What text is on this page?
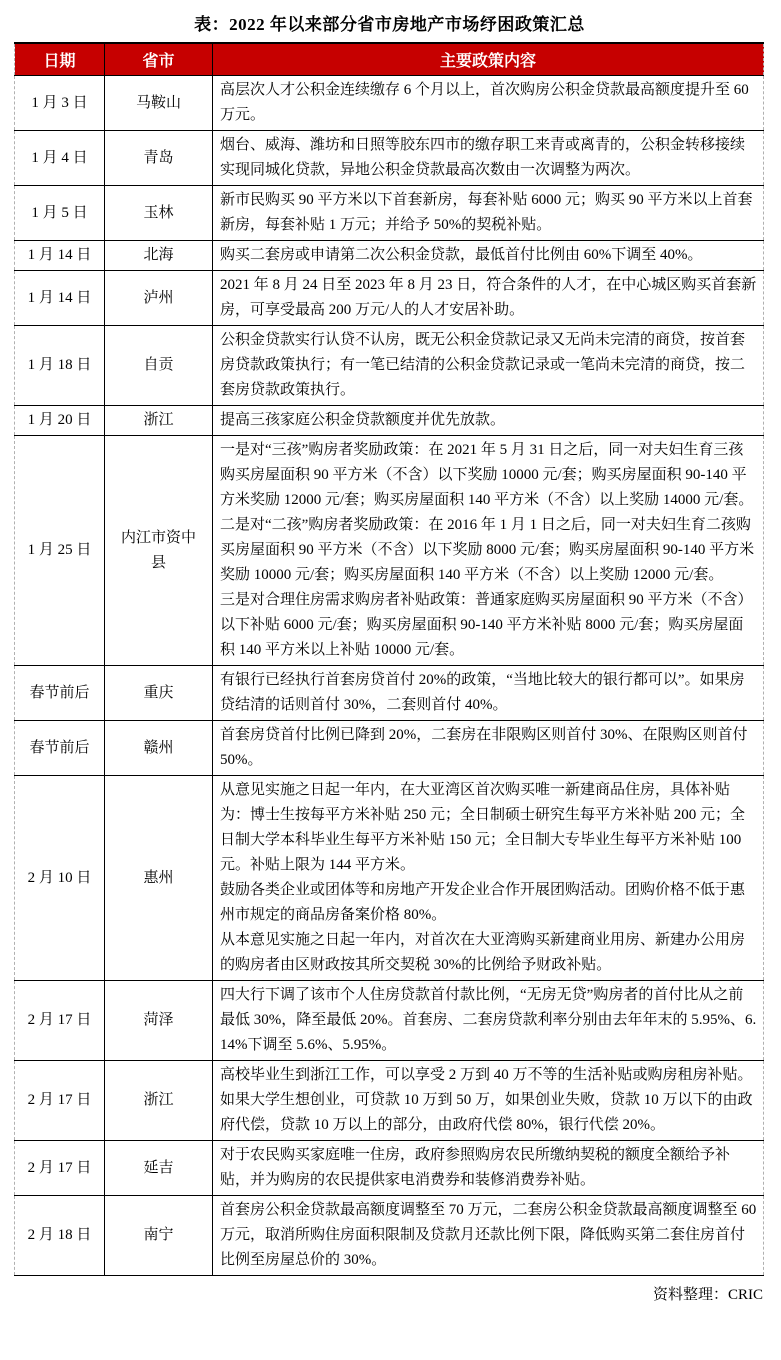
表：2022 年以来部分省市房地产市场纾困政策汇总
日期	省市	主要政策内容
1 月 3 日	马鞍山	高层次人才公积金连续缴存 6 个月以上，首次购房公积金贷款最高额度提升至 60 万元。

1 月 4 日	青岛	烟台、威海、潍坊和日照等胶东四市的缴存职工来青或离青的，公积金转移接续实现同城化贷款，异地公积金贷款最高次数由一次调整为两次。

1 月 5 日	玉林	新市民购买 90 平方米以下首套新房，每套补贴 6000 元；购买 90 平方米以上首套新房，每套补贴 1 万元；并给予 50%的契税补贴。

1 月 14 日	北海	购买二套房或申请第二次公积金贷款，最低首付比例由 60%下调至 40%。

1 月 14 日	泸州	2021 年 8 月 24 日至 2023 年 8 月 23 日，符合条件的人才，在中心城区购买首套新房，可享受最高 200 万元/人的人才安居补助。

1 月 18 日	自贡	公积金贷款实行认贷不认房，既无公积金贷款记录又无尚未完清的商贷，按首套房贷款政策执行；有一笔已结清的公积金贷款记录或一笔尚未完清的商贷，按二套房贷款政策执行。

1 月 20 日	浙江	提高三孩家庭公积金贷款额度并优先放款。

1 月 25 日	内江市资中县	一是对“三孩”购房者奖励政策：在 2021 年 5 月 31 日之后，同一对夫妇生育三孩购买房屋面积 90 平方米（不含）以下奖励 10000 元/套；购买房屋面积 90-140 平方米奖励 12000 元/套；购买房屋面积 140 平方米（不含）以上奖励 14000 元/套。
二是对“二孩”购房者奖励政策：在 2016 年 1 月 1 日之后，同一对夫妇生育二孩购买房屋面积 90 平方米（不含）以下奖励 8000 元/套；购买房屋面积 90-140 平方米奖励 10000 元/套；购买房屋面积 140 平方米（不含）以上奖励 12000 元/套。
三是对合理住房需求购房者补贴政策：普通家庭购买房屋面积 90 平方米（不含）以下补贴 6000 元/套；购买房屋面积 90-140 平方米补贴 8000 元/套；购买房屋面积 140 平方米以上补贴 10000 元/套。

春节前后	重庆	有银行已经执行首套房贷首付 20%的政策，“当地比较大的银行都可以”。如果房贷结清的话则首付 30%，二套则首付 40%。

春节前后	赣州	首套房贷首付比例已降到 20%，二套房在非限购区则首付 30%、在限购区则首付 50%。

2 月 10 日	惠州	从意见实施之日起一年内，在大亚湾区首次购买唯一新建商品住房，具体补贴为：博士生按每平方米补贴 250 元；全日制硕士研究生每平方米补贴 200 元；全日制大学本科毕业生每平方米补贴 150 元；全日制大专毕业生每平方米补贴 100 元。补贴上限为 144 平方米。
鼓励各类企业或团体等和房地产开发企业合作开展团购活动。团购价格不低于惠州市规定的商品房备案价格 80%。
从本意见实施之日起一年内，对首次在大亚湾购买新建商业用房、新建办公用房的购房者由区财政按其所交契税 30%的比例给予财政补贴。

2 月 17 日	菏泽	四大行下调了该市个人住房贷款首付款比例，“无房无贷”购房者的首付比从之前最低 30%，降至最低 20%。首套房、二套房贷款利率分别由去年年末的 5.95%、6.14%下调至 5.6%、5.95%。

2 月 17 日	浙江	高校毕业生到浙江工作，可以享受 2 万到 40 万不等的生活补贴或购房租房补贴。如果大学生想创业，可贷款 10 万到 50 万，如果创业失败，贷款 10 万以下的由政府代偿，贷款 10 万以上的部分，由政府代偿 80%，银行代偿 20%。

2 月 17 日	延吉	对于农民购买家庭唯一住房，政府参照购房农民所缴纳契税的额度全额给予补贴，并为购房的农民提供家电消费券和装修消费券补贴。

2 月 18 日	南宁	首套房公积金贷款最高额度调整至 70 万元，二套房公积金贷款最高额度调整至 60 万元，取消所购住房面积限制及贷款月还款比例下限，降低购买第二套住房首付比例至房屋总价的 30%。
资料整理：CRIC
